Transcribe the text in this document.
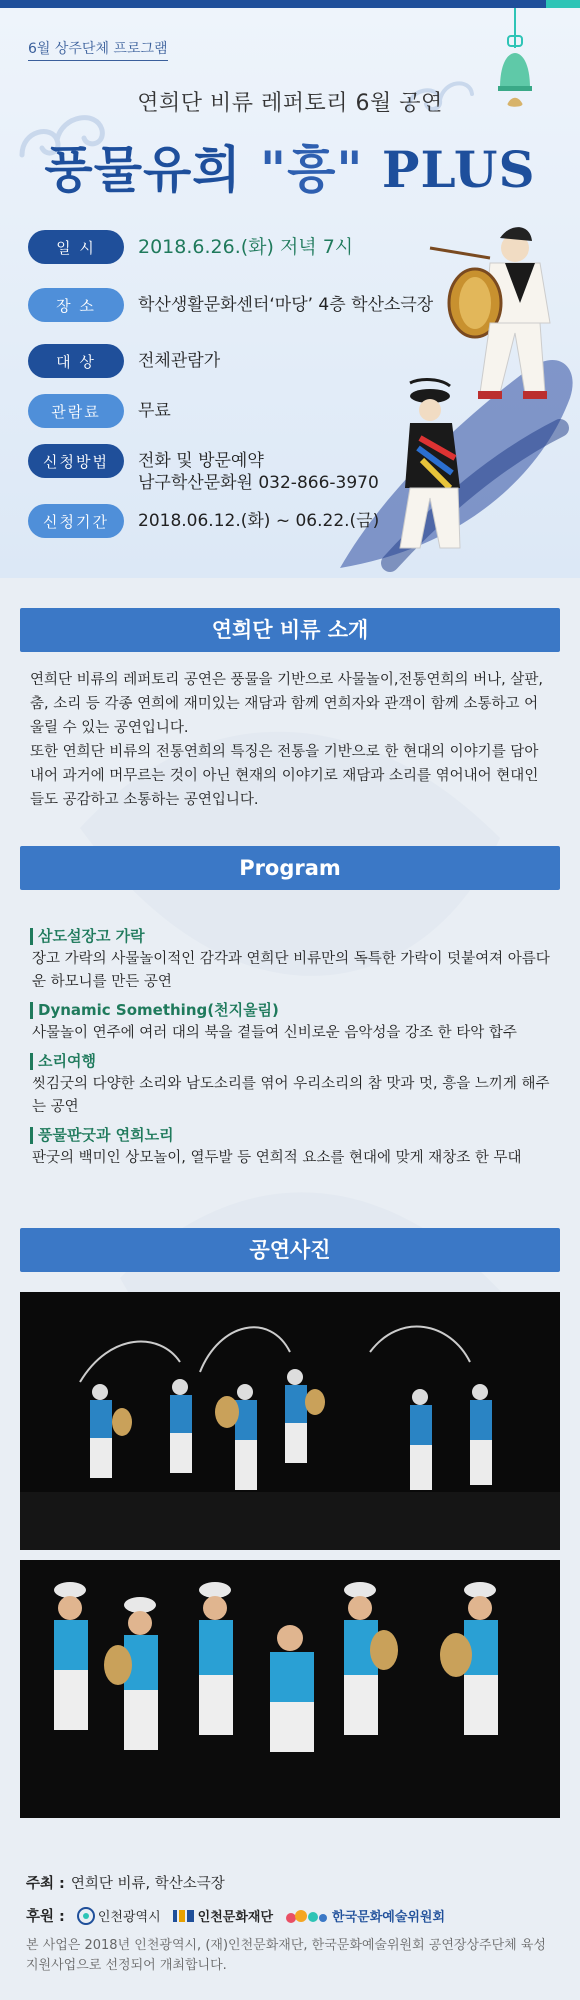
6월 상주단체 프로그램
연희단 비류 레퍼토리 6월 공연
풍물유희 "흥" PLUS
일 시	2018.6.26.(화) 저녁 7시
장 소	학산생활문화센터‘마당’ 4층 학산소극장
대 상	전체관람가
관람료	무료
신청방법	전화 및 방문예약
남구학산문화원 032-866-3970
신청기간	2018.06.12.(화) ~ 06.22.(금)
연희단 비류 소개

연희단 비류의 레퍼토리 공연은 풍물을 기반으로 사물놀이,전통연희의 버나, 살판, 춤, 소리 등 각종 연희에 재미있는 재담과 함께 연희자와 관객이 함께 소통하고 어울릴 수 있는 공연입니다.

또한 연희단 비류의 전통연희의 특징은 전통을 기반으로 한 현대의 이야기를 담아내어 과거에 머무르는 것이 아닌 현재의 이야기로 재담과 소리를 엮어내어 현대인들도 공감하고 소통하는 공연입니다.

Program
삼도설장고 가락
장고 가락의 사물놀이적인 감각과 연희단 비류만의 독특한 가락이 덧붙여져 아름다운 하모니를 만든 공연
Dynamic Something(천지울림)
사물놀이 연주에 여러 대의 북을 곁들여 신비로운 음악성을 강조 한 타악 합주
소리여행
씻김굿의 다양한 소리와 남도소리를 엮어 우리소리의 참 맛과 멋, 흥을 느끼게 해주는 공연
풍물판굿과 연희노리
판굿의 백미인 상모놀이, 열두발 등 연희적 요소를 현대에 맞게 재창조 한 무대
공연사진
주최 : 연희단 비류, 학산소극장
후원 :	인천광역시	인천문화재단	한국문화예술위원회
본 사업은 2018년 인천광역시, (재)인천문화재단, 한국문화예술위원회 공연장상주단체 육성지원사업으로 선정되어 개최합니다.
